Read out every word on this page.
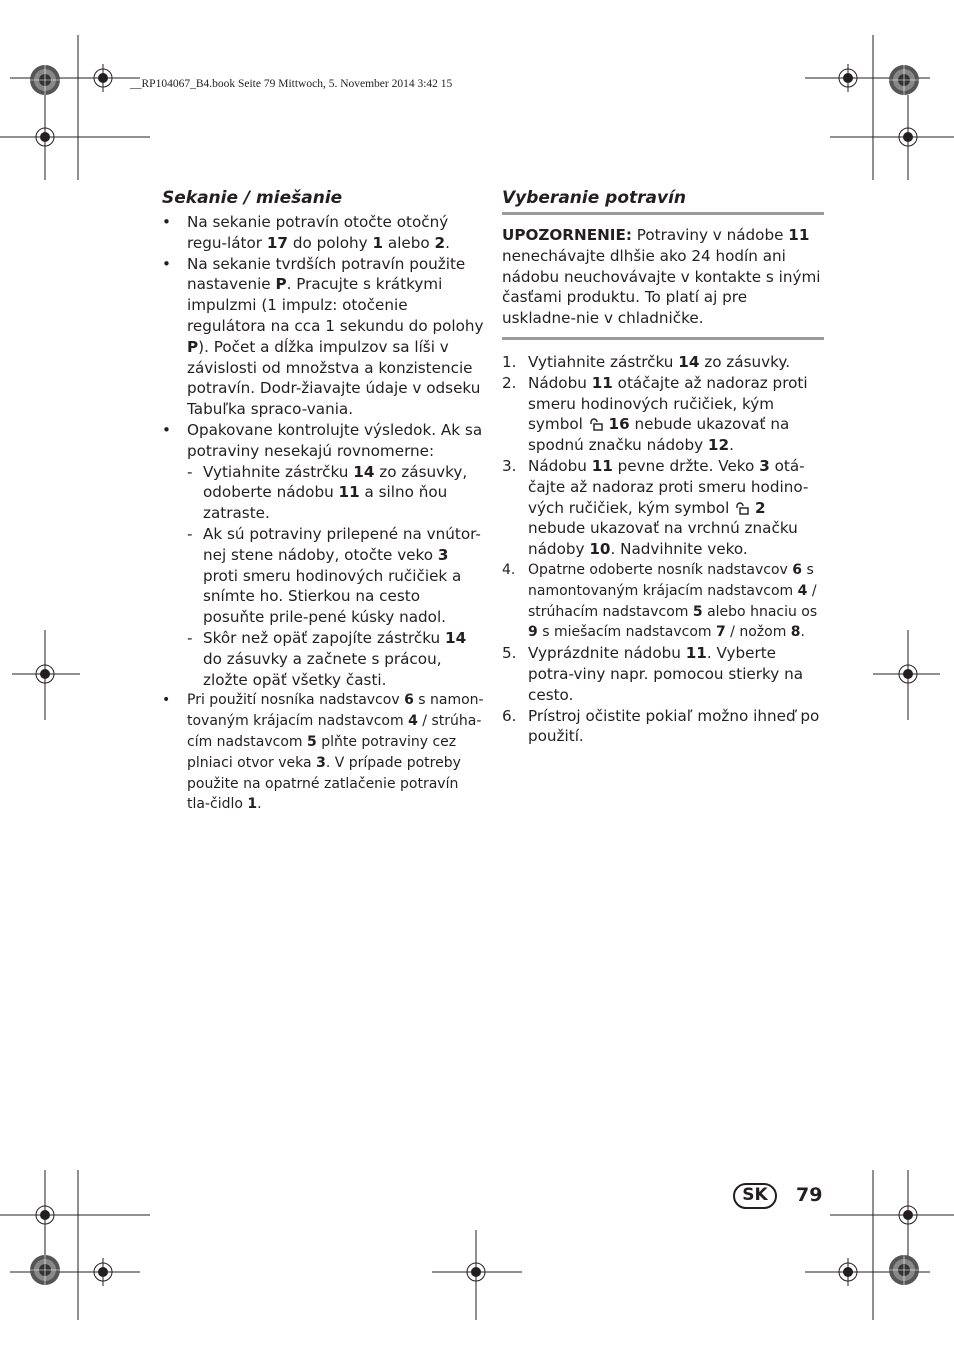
__RP104067_B4.book Seite 79 Mittwoch, 5. November 2014 3:42 15
Sekanie / miešanie
• Na sekanie potravín otočte otočný regu-látor 17 do polohy 1 alebo 2.
• Na sekanie tvrdších potravín použite nastavenie P. Pracujte s krátkymi impulzmi (1 impulz: otočenie regulátora na cca 1 sekundu do polohy P). Počet a dĺžka impulzov sa líši v závislosti od množstva a konzistencie potravín. Dodr-žiavajte údaje v odseku Tabuľka spraco-vania.
• Opakovane kontrolujte výsledok. Ak sa potraviny nesekajú rovnomerne:
- Vytiahnite zástrčku 14 zo zásuvky, odoberte nádobu 11 a silno ňou zatraste.
- Ak sú potraviny prilepené na vnútor-nej stene nádoby, otočte veko 3 proti smeru hodinových ručičiek a snímte ho. Stierkou na cesto posuňte prile-pené kúsky nadol.
- Skôr než opäť zapojíte zástrčku 14 do zásuvky a začnete s prácou, zložte opäť všetky časti.
• Pri použití nosníka nadstavcov 6 s namon-tovaným krájacím nadstavcom 4 / strúha-cím nadstavcom 5 plňte potraviny cez plniaci otvor veka 3. V prípade potreby použite na opatrné zatlačenie potravín tla-čidlo 1.
Vyberanie potravín
UPOZORNENIE: Potraviny v nádobe 11 nenechávajte dlhšie ako 24 hodín ani nádobu neuchovávajte v kontakte s inými časťami produktu. To platí aj pre uskladne-nie v chladničke.
1. Vytiahnite zástrčku 14 zo zásuvky.
2. Nádobu 11 otáčajte až nadoraz proti smeru hodinových ručičiek, kým symbol  16 nebude ukazovať na spodnú značku nádoby 12.
3. Nádobu 11 pevne držte. Veko 3 otá-čajte až nadoraz proti smeru hodino-vých ručičiek, kým symbol  2 nebude ukazovať na vrchnú značku nádoby 10. Nadvihnite veko.
4. Opatrne odoberte nosník nadstavcov 6 s namontovaným krájacím nadstavcom 4 / strúhacím nadstavcom 5 alebo hnaciu os 9 s miešacím nadstavcom 7 / nožom 8.
5. Vyprázdnite nádobu 11. Vyberte potra-viny napr. pomocou stierky na cesto.
6. Prístroj očistite pokiaľ možno ihneď po použití.
SK	79
